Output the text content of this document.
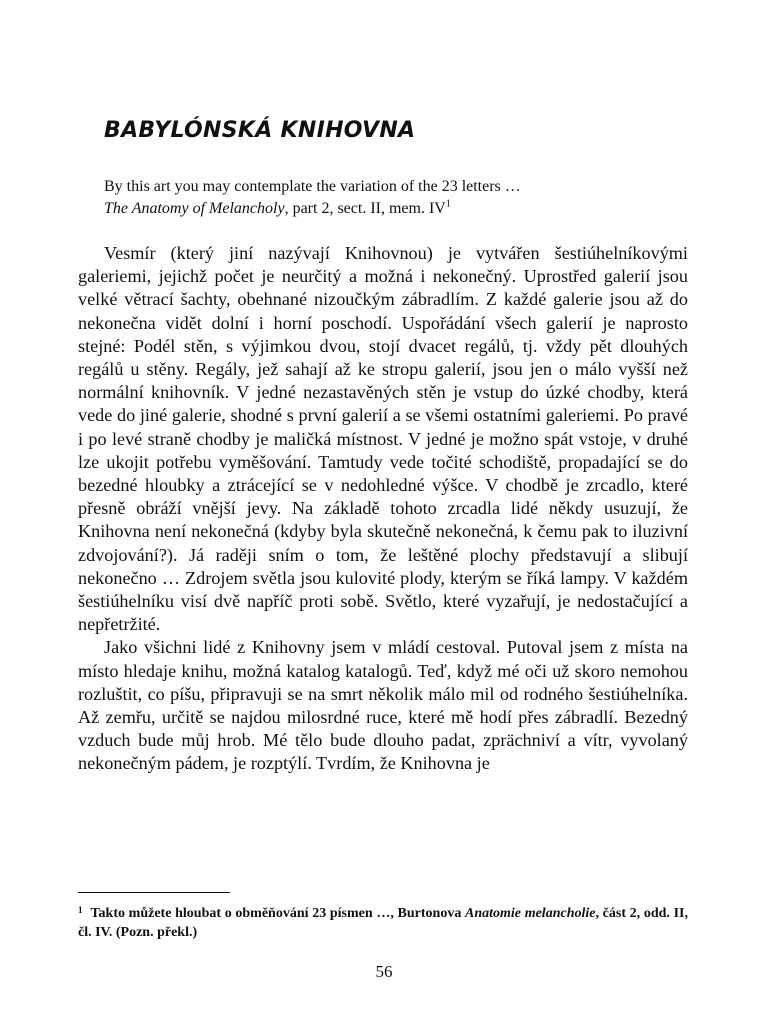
BABYLÓNSKÁ KNIHOVNA
By this art you may contemplate the variation of the 23 letters …
The Anatomy of Melancholy, part 2, sect. II, mem. $IV^1$

Vesmír (který jiní nazývají Knihovnou) je vytvářen šestiúhelníkovými galeriemi, jejichž počet je neurčitý a možná i nekonečný. Uprostřed galerií jsou velké větrací šachty, obehnané nizoučkým zábradlím. Z každé galerie jsou až do nekonečna vidět dolní i horní poschodí. Uspořádání všech galerií je naprosto stejné: Podél stěn, s výjimkou dvou, stojí dvacet regálů, tj. vždy pět dlouhých regálů u stěny. Regály, jež sahají až ke stropu galerií, jsou jen o málo vyšší než normální knihovník. V jedné nezastavěných stěn je vstup do úzké chodby, která vede do jiné galerie, shodné s první galerií a se všemi ostatními galeriemi. Po pravé i po levé straně chodby je maličká místnost. V jedné je možno spát vstoje, v druhé lze ukojit potřebu vyměšování. Tamtudy vede točité schodiště, propadající se do bezedné hloubky a ztrácející se v nedohledné výšce. V chodbě je zrcadlo, které přesně obráží vnější jevy. Na základě tohoto zrcadla lidé někdy usuzují, že Knihovna není nekonečná (kdyby byla skutečně nekonečná, k čemu pak to iluzivní zdvojování?). Já raději sním o tom, že leštěné plochy představují a slibují nekonečno … Zdrojem světla jsou kulovité plody, kterým se říká lampy. V každém šestiúhelníku visí dvě napříč proti sobě. Světlo, které vyzařují, je nedostačující a nepřetržité.

Jako všichni lidé z Knihovny jsem v mládí cestoval. Putoval jsem z místa na místo hledaje knihu, možná katalog katalogů. Teď, když mé oči už skoro nemohou rozluštit, co píšu, připravuji se na smrt několik málo mil od rodného šestiúhelníka. Až zemřu, určitě se najdou milosrdné ruce, které mě hodí přes zábradlí. Bezedný vzduch bude můj hrob. Mé tělo bude dlouho padat, zprächniví a vítr, vyvolaný nekonečným pádem, je rozptýlí. Tvrdím, že Knihovna je

$^1$ Takto můžete hloubat o obměňování 23 písmen …, Burtonova Anatomie melancholie, část 2, odd. II, čl. IV. (Pozn. překl.)
56
